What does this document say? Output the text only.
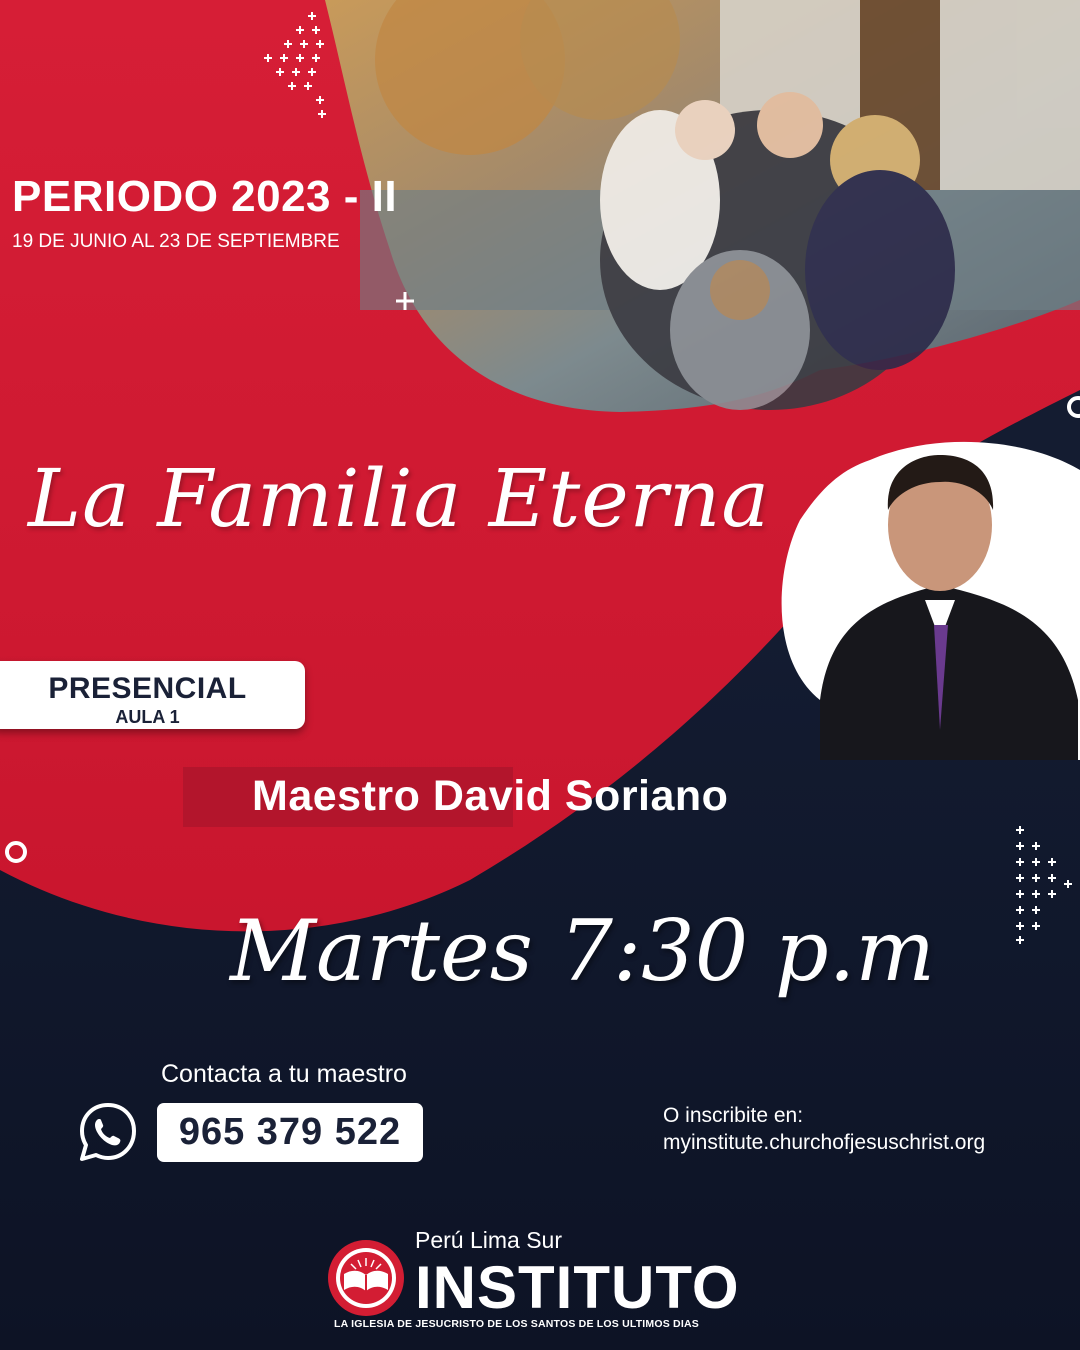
PERIODO 2023 - II
19 DE JUNIO AL 23 DE SEPTIEMBRE
La Familia Eterna
PRESENCIAL
AULA 1
Maestro David Soriano
Martes 7:30 p.m
Contacta a tu maestro
965 379 522	O inscribite en:
myinstitute.churchofjesuschrist.org
Perú Lima Sur
INSTITUTO
LA IGLESIA DE JESUCRISTO DE LOS SANTOS DE LOS ULTIMOS DIAS
